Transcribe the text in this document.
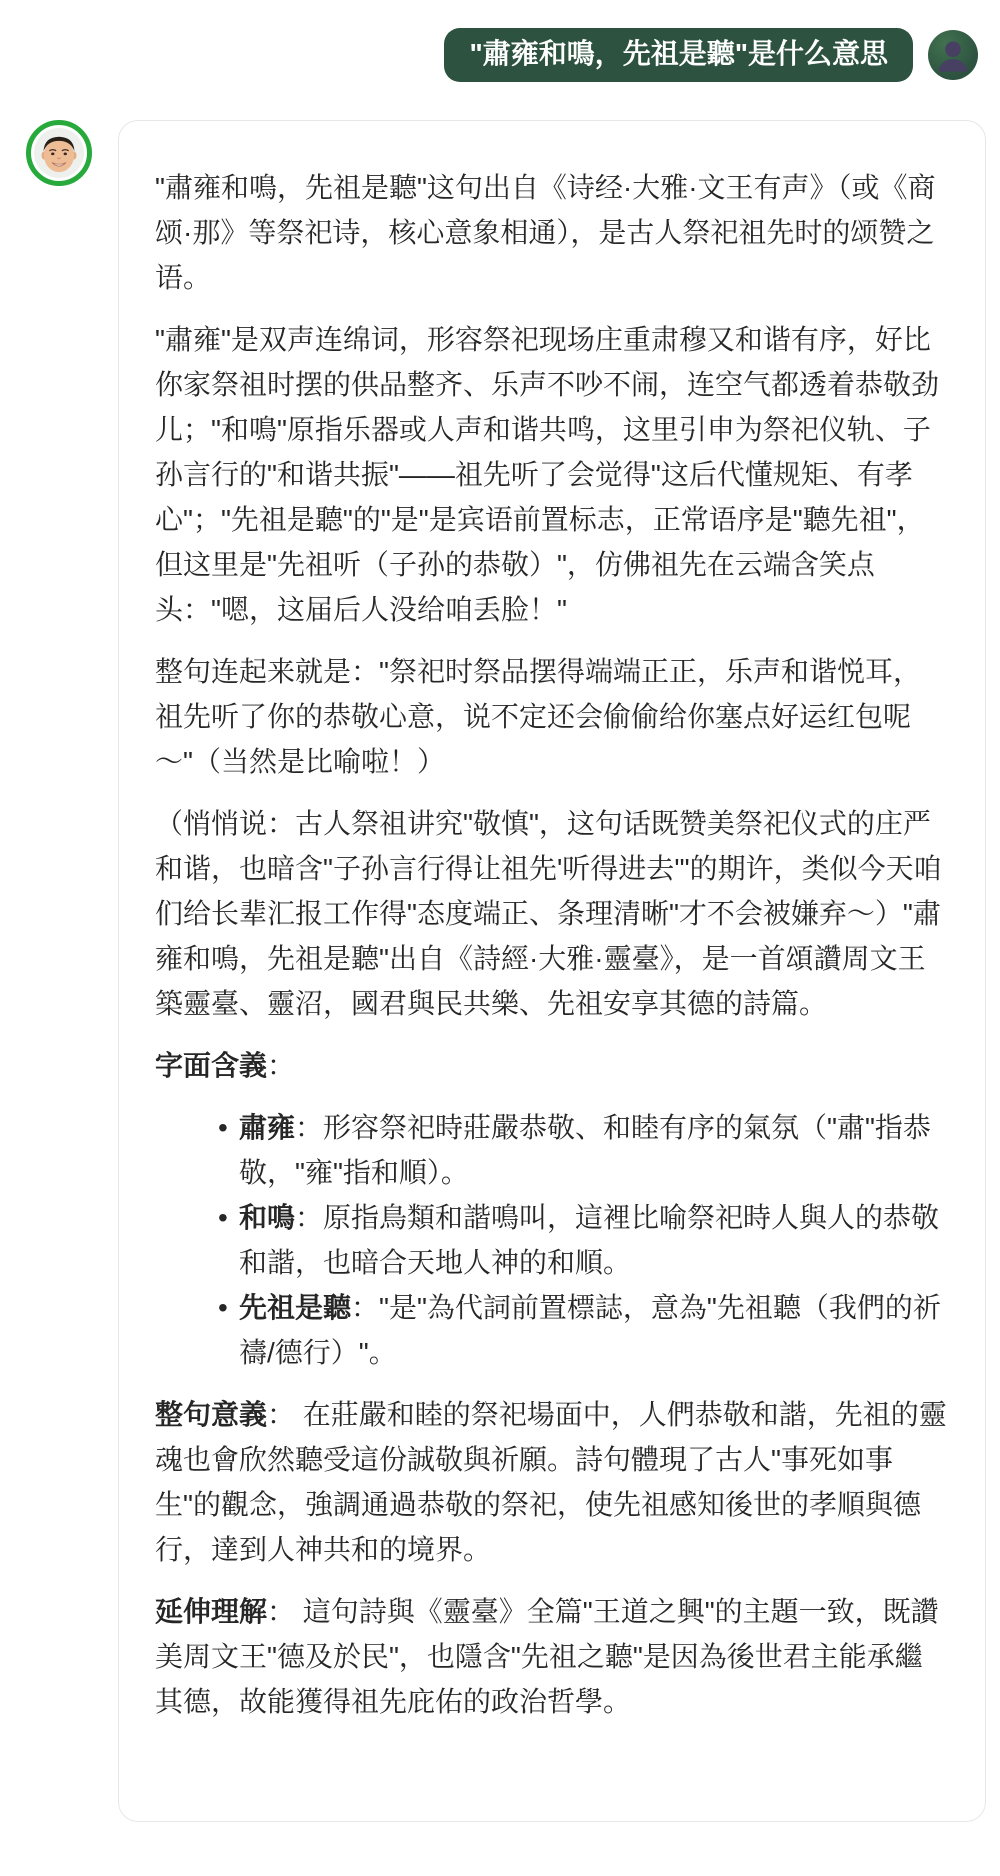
"肅雍和鳴，先祖是聽"是什么意思

"肅雍和鳴，先祖是聽"这句出自《诗经·大雅·文王有声》（或《商颂·那》等祭祀诗，核心意象相通），是古人祭祀祖先时的颂赞之语。

"肅雍"是双声连绵词，形容祭祀现场庄重肃穆又和谐有序，好比你家祭祖时摆的供品整齐、乐声不吵不闹，连空气都透着恭敬劲儿；"和鳴"原指乐器或人声和谐共鸣，这里引申为祭祀仪轨、子孙言行的"和谐共振"——祖先听了会觉得"这后代懂规矩、有孝心"；"先祖是聽"的"是"是宾语前置标志，正常语序是"聽先祖"，但这里是"先祖听（子孙的恭敬）"，仿佛祖先在云端含笑点头："嗯，这届后人没给咱丢脸！"

整句连起来就是："祭祀时祭品摆得端端正正，乐声和谐悦耳，祖先听了你的恭敬心意，说不定还会偷偷给你塞点好运红包呢～"（当然是比喻啦！）

（悄悄说：古人祭祖讲究"敬慎"，这句话既赞美祭祀仪式的庄严和谐，也暗含"子孙言行得让祖先'听得进去'"的期许，类似今天咱们给长辈汇报工作得"态度端正、条理清晰"才不会被嫌弃～）"肅雍和鳴，先祖是聽"出自《詩經·大雅·靈臺》，是一首頌讚周文王築靈臺、靈沼，國君與民共樂、先祖安享其德的詩篇。

字面含義：

• 肅雍：形容祭祀時莊嚴恭敬、和睦有序的氣氛（"肅"指恭敬，"雍"指和順）。
• 和鳴：原指鳥類和諧鳴叫，這裡比喻祭祀時人與人的恭敬和諧，也暗合天地人神的和順。
• 先祖是聽："是"為代詞前置標誌，意為"先祖聽（我們的祈禱/德行）"。

整句意義： 在莊嚴和睦的祭祀場面中，人們恭敬和諧，先祖的靈魂也會欣然聽受這份誠敬與祈願。詩句體現了古人"事死如事生"的觀念，強調通過恭敬的祭祀，使先祖感知後世的孝順與德行，達到人神共和的境界。

延伸理解： 這句詩與《靈臺》全篇"王道之興"的主題一致，既讚美周文王"德及於民"，也隱含"先祖之聽"是因為後世君主能承繼其德，故能獲得祖先庇佑的政治哲學。
